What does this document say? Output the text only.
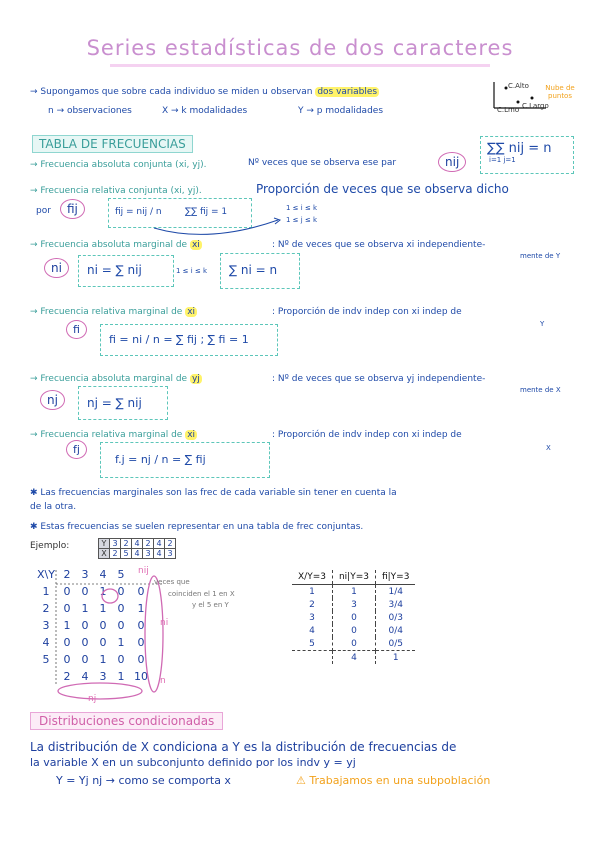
Series estadísticas de dos caracteres
→ Supongamos que sobre cada individuo se miden u observan dos variables
n → observaciones	X → k modalidades	Y → p modalidades
C.Alto
C.Lmo C.Largo
Nube de puntos
TABLA DE FRECUENCIAS	∑∑ nij = n
i=1 j=1
→ Frecuencia absoluta conjunta (xi, yj).	Nº veces que se observa ese par	nij
→ Frecuencia relativa conjunta (xi, yj).	Proporción de veces que se observa dicho
por	fij	fij = nij / n	∑∑ fij = 1	1 ≤ i ≤ k
1 ≤ j ≤ k
→ Frecuencia absoluta marginal de xi	: Nº de veces que se observa xi independiente-
mente de Y
ni	ni = ∑ nij	1 ≤ i ≤ k ∑ ni = n
→ Frecuencia relativa marginal de xi	: Proporción de indv indep con xi indep de
Y
fi
fi = ni / n = ∑ fij ; ∑ fi = 1
→ Frecuencia absoluta marginal de yj	: Nº de veces que se observa yj independiente-
mente de X
nj	nj = ∑ nij
→ Frecuencia relativa marginal de xi	: Proporción de indv indep con xi indep de
X
fj
f.j = nj / n = ∑ fij
✱ Las frecuencias marginales son las frec de cada variable sin tener en cuenta la
de la otra.
✱ Estas frecuencias se suelen representar en una tabla de frec conjuntas.
Ejemplo:	Y	3	2	4	2	4	2
X	2	5	4	3	4	3
X\Y	2	3	4	5	
1	0	0	1	0	0
2	0	1	1	0	1
3	1	0	0	0	0
4	0	0	0	1	0
5	0	0	1	0	0
	2	4	3	1	10
nij
veces que
coinciden el 1 en X
y el 5 en Y
ni
nj
n
X/Y=3	ni|Y=3	fi|Y=3
1	1	1/4
2	3	3/4
3	0	0/3
4	0	0/4
5	0	0/5
	4	1
Distribuciones condicionadas
La distribución de X condiciona a Y es la distribución de frecuencias de
la variable X en un subconjunto definido por los indv y = yj
Y = Yj nj → como se comporta x	⚠ Trabajamos en una subpoblación
